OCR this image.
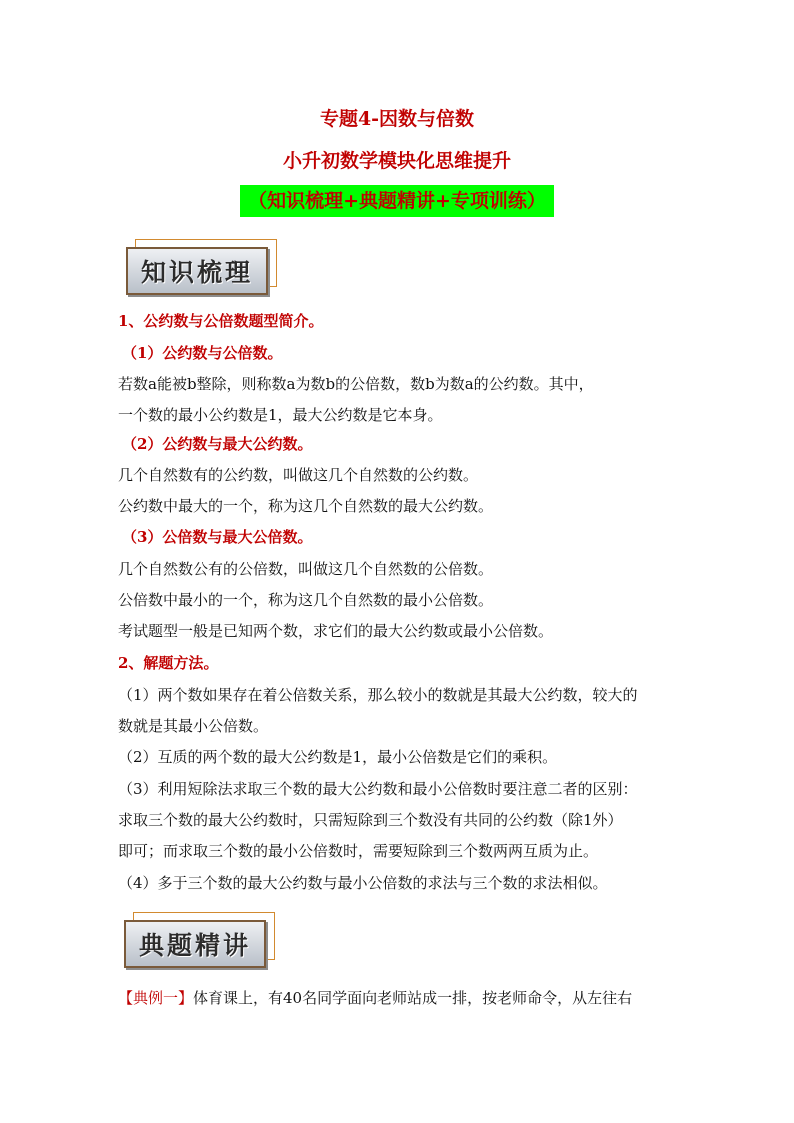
专题4-因数与倍数
小升初数学模块化思维提升
（知识梳理+典题精讲+专项训练）
知识梳理
1、公约数与公倍数题型简介。
（1）公约数与公倍数。
若数a能被b整除，则称数a为数b的公倍数，数b为数a的公约数。其中，
一个数的最小公约数是1，最大公约数是它本身。
（2）公约数与最大公约数。
几个自然数有的公约数，叫做这几个自然数的公约数。
公约数中最大的一个，称为这几个自然数的最大公约数。
（3）公倍数与最大公倍数。
几个自然数公有的公倍数，叫做这几个自然数的公倍数。
公倍数中最小的一个，称为这几个自然数的最小公倍数。
考试题型一般是已知两个数，求它们的最大公约数或最小公倍数。
2、解题方法。
（1）两个数如果存在着公倍数关系，那么较小的数就是其最大公约数，较大的
数就是其最小公倍数。
（2）互质的两个数的最大公约数是1，最小公倍数是它们的乘积。
（3）利用短除法求取三个数的最大公约数和最小公倍数时要注意二者的区别：
求取三个数的最大公约数时，只需短除到三个数没有共同的公约数（除1外）
即可；而求取三个数的最小公倍数时，需要短除到三个数两两互质为止。
（4）多于三个数的最大公约数与最小公倍数的求法与三个数的求法相似。
典题精讲
【典例一】体育课上，有40名同学面向老师站成一排，按老师命令，从左往右
